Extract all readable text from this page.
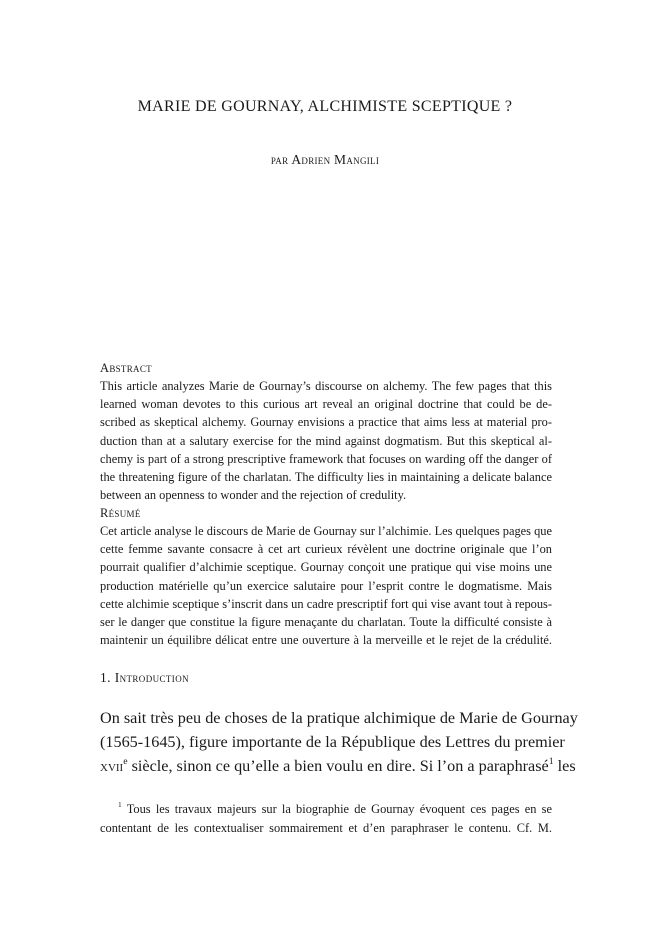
MARIE DE GOURNAY, ALCHIMISTE SCEPTIQUE ?
par Adrien Mangili
Abstract
This article analyzes Marie de Gournay’s discourse on alchemy. The few pages that this
learned woman devotes to this curious art reveal an original doctrine that could be de-
scribed as skeptical alchemy. Gournay envisions a practice that aims less at material pro-
duction than at a salutary exercise for the mind against dogmatism. But this skeptical al-
chemy is part of a strong prescriptive framework that focuses on warding off the danger of
the threatening figure of the charlatan. The difficulty lies in maintaining a delicate balance
between an openness to wonder and the rejection of credulity.
Résumé
Cet article analyse le discours de Marie de Gournay sur l’alchimie. Les quelques pages que
cette femme savante consacre à cet art curieux révèlent une doctrine originale que l’on
pourrait qualifier d’alchimie sceptique. Gournay conçoit une pratique qui vise moins une
production matérielle qu’un exercice salutaire pour l’esprit contre le dogmatisme. Mais
cette alchimie sceptique s’inscrit dans un cadre prescriptif fort qui vise avant tout à repous-
ser le danger que constitue la figure menaçante du charlatan. Toute la difficulté consiste à
maintenir un équilibre délicat entre une ouverture à la merveille et le rejet de la crédulité.
1. Introduction
On sait très peu de choses de la pratique alchimique de Marie de Gournay
(1565-1645), figure importante de la République des Lettres du premier
xvii$^e$ siècle, sinon ce qu’elle a bien voulu en dire. Si l’on a paraphrasé$^1$ les
$^1$ Tous les travaux majeurs sur la biographie de Gournay évoquent ces pages en se
contentant de les contextualiser sommairement et d’en paraphraser le contenu. Cf. M.
